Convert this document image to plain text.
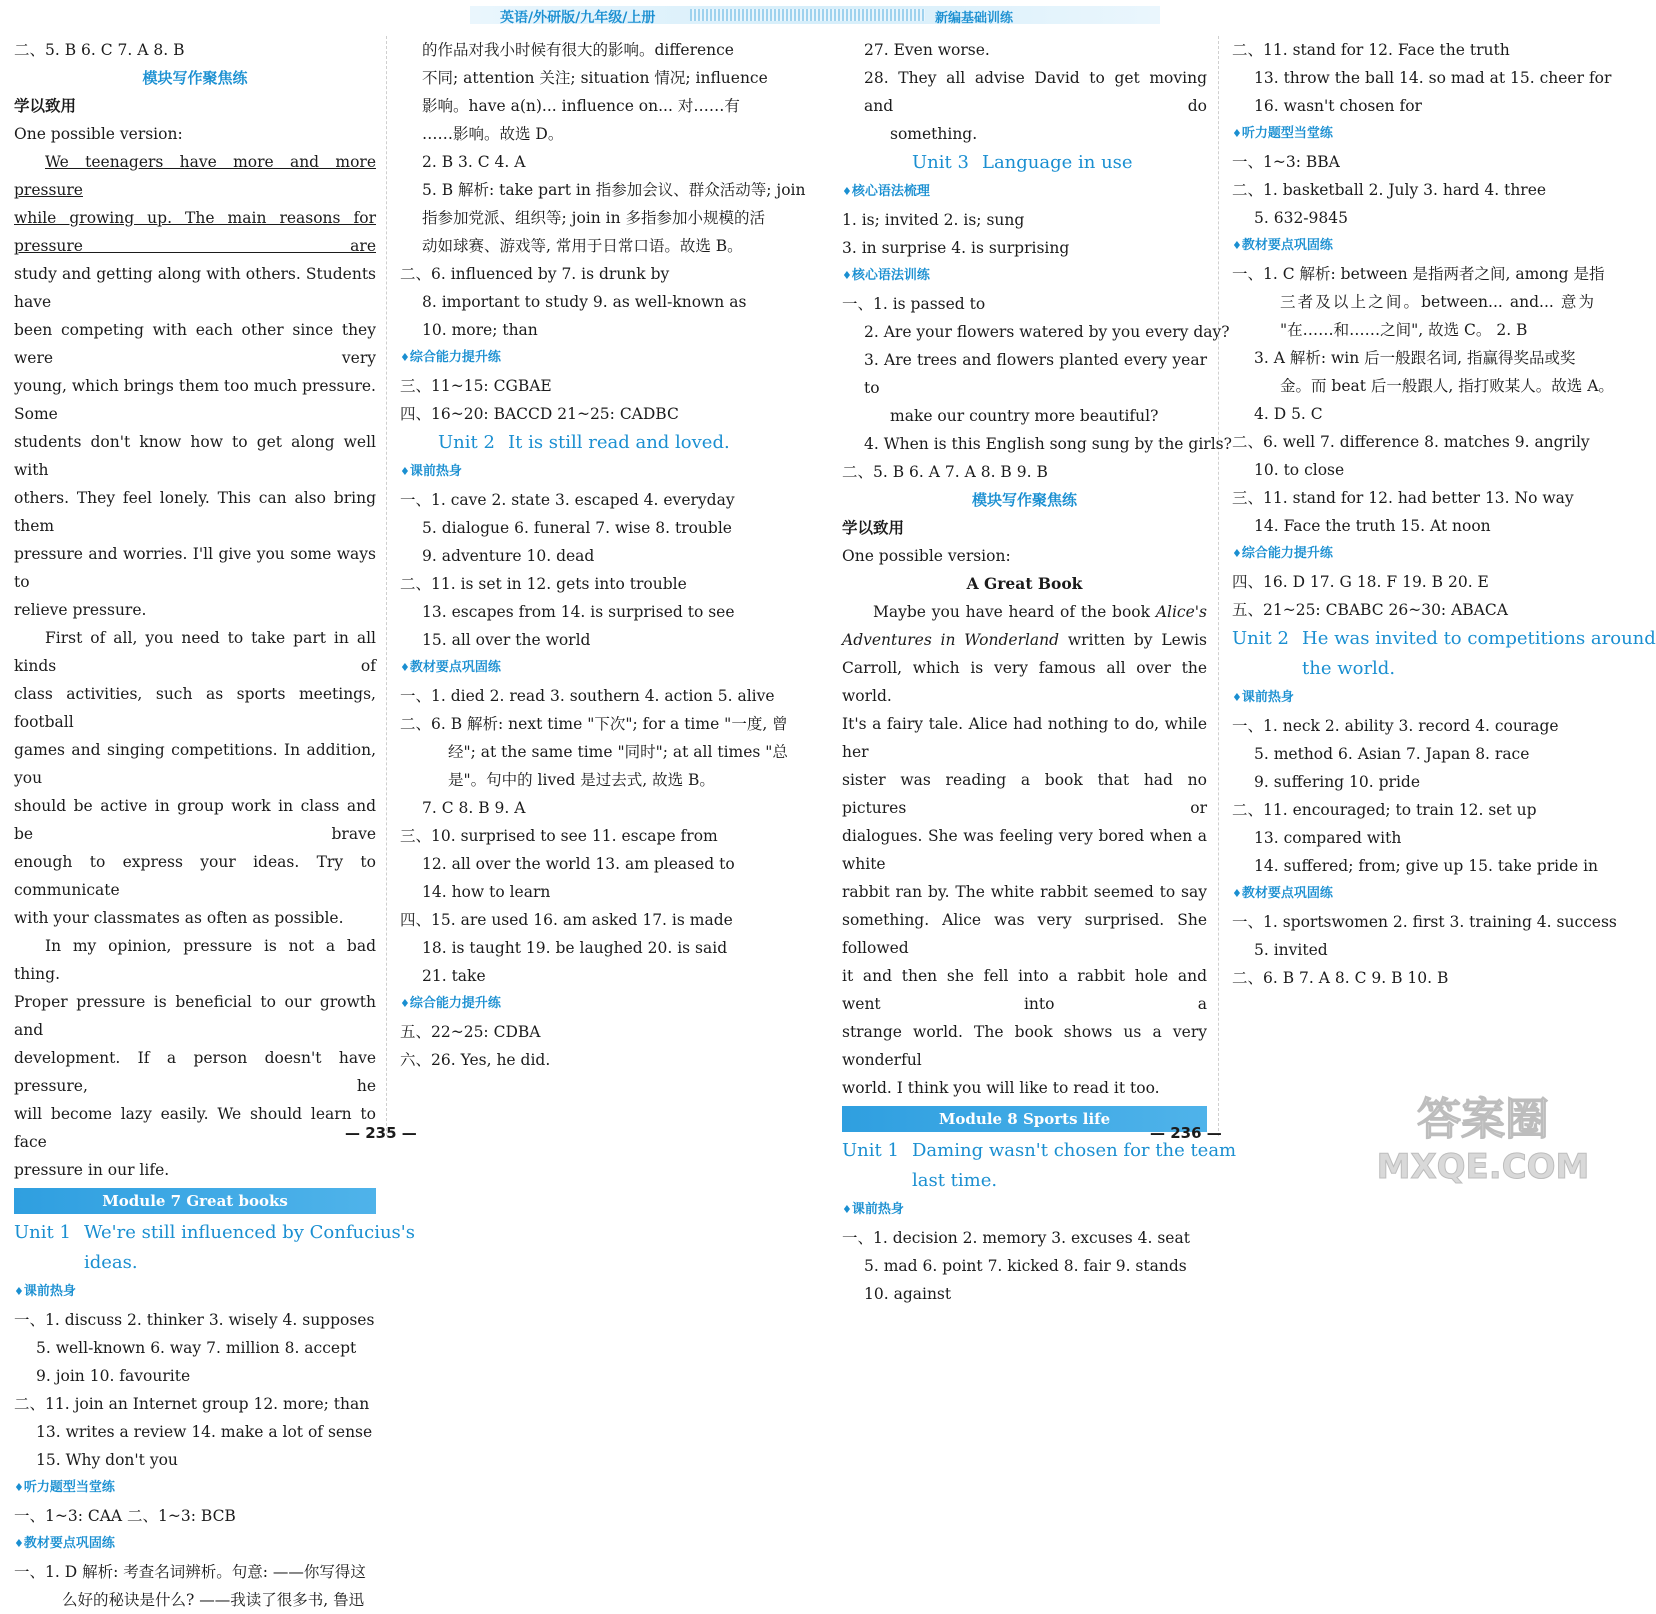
英语/外研版/九年级/上册	新编基础训练
二、5. B 6. C 7. A 8. B
模块写作聚焦练
学以致用
One possible version:
We teenagers have more and more pressure
while growing up. The main reasons for pressure are
study and getting along with others. Students have
been competing with each other since they were very
young, which brings them too much pressure. Some
students don't know how to get along well with
others. They feel lonely. This can also bring them
pressure and worries. I'll give you some ways to
relieve pressure.
First of all, you need to take part in all kinds of
class activities, such as sports meetings, football
games and singing competitions. In addition, you
should be active in group work in class and be brave
enough to express your ideas. Try to communicate
with your classmates as often as possible.
In my opinion, pressure is not a bad thing.
Proper pressure is beneficial to our growth and
development. If a person doesn't have pressure, he
will become lazy easily. We should learn to face
pressure in our life.
Module 7 Great books
Unit 1 We're still influenced by Confucius's
ideas.
♦ 课前热身
一、1. discuss 2. thinker 3. wisely 4. supposes
5. well-known 6. way 7. million 8. accept
9. join 10. favourite
二、11. join an Internet group 12. more; than
13. writes a review 14. make a lot of sense
15. Why don't you
♦ 听力题型当堂练
一、1~3: CAA 二、1~3: BCB
♦ 教材要点巩固练
一、1. D 解析: 考查名词辨析。句意: ——你写得这
么好的秘诀是什么? ——我读了很多书, 鲁迅
的作品对我小时候有很大的影响。difference
不同; attention 关注; situation 情况; influence
影响。have a(n)... influence on... 对……有
……影响。故选 D。
2. B 3. C 4. A
5. B 解析: take part in 指参加会议、群众活动等; join
指参加党派、组织等; join in 多指参加小规模的活
动如球赛、游戏等, 常用于日常口语。故选 B。
二、6. influenced by 7. is drunk by
8. important to study 9. as well-known as
10. more; than
♦ 综合能力提升练
三、11~15: CGBAE
四、16~20: BACCD 21~25: CADBC
Unit 2 It is still read and loved.
♦ 课前热身
一、1. cave 2. state 3. escaped 4. everyday
5. dialogue 6. funeral 7. wise 8. trouble
9. adventure 10. dead
二、11. is set in 12. gets into trouble
13. escapes from 14. is surprised to see
15. all over the world
♦ 教材要点巩固练
一、1. died 2. read 3. southern 4. action 5. alive
二、6. B 解析: next time "下次"; for a time "一度, 曾
经"; at the same time "同时"; at all times "总
是"。句中的 lived 是过去式, 故选 B。
7. C 8. B 9. A
三、10. surprised to see 11. escape from
12. all over the world 13. am pleased to
14. how to learn
四、15. are used 16. am asked 17. is made
18. is taught 19. be laughed 20. is said
21. take
♦ 综合能力提升练
五、22~25: CDBA
六、26. Yes, he did.
27. Even worse.
28. They all advise David to get moving and do
something.
Unit 3 Language in use
♦ 核心语法梳理
1. is; invited 2. is; sung
3. in surprise 4. is surprising
♦ 核心语法训练
一、1. is passed to
2. Are your flowers watered by you every day?
3. Are trees and flowers planted every year to
make our country more beautiful?
4. When is this English song sung by the girls?
二、5. B 6. A 7. A 8. B 9. B
模块写作聚焦练
学以致用
One possible version:
A Great Book
Maybe you have heard of the book Alice's
Adventures in Wonderland written by Lewis
Carroll, which is very famous all over the world.
It's a fairy tale. Alice had nothing to do, while her
sister was reading a book that had no pictures or
dialogues. She was feeling very bored when a white
rabbit ran by. The white rabbit seemed to say
something. Alice was very surprised. She followed
it and then she fell into a rabbit hole and went into a
strange world. The book shows us a very wonderful
world. I think you will like to read it too.
Module 8 Sports life
Unit 1 Daming wasn't chosen for the team
last time.
♦ 课前热身
一、1. decision 2. memory 3. excuses 4. seat
5. mad 6. point 7. kicked 8. fair 9. stands
10. against
二、11. stand for 12. Face the truth
13. throw the ball 14. so mad at 15. cheer for
16. wasn't chosen for
♦ 听力题型当堂练
一、1~3: BBA
二、1. basketball 2. July 3. hard 4. three
5. 632-9845
♦ 教材要点巩固练
一、1. C 解析: between 是指两者之间, among 是指
三者及以上之间。between... and... 意为
"在……和……之间", 故选 C。 2. B
3. A 解析: win 后一般跟名词, 指赢得奖品或奖
金。而 beat 后一般跟人, 指打败某人。故选 A。
4. D 5. C
二、6. well 7. difference 8. matches 9. angrily
10. to close
三、11. stand for 12. had better 13. No way
14. Face the truth 15. At noon
♦ 综合能力提升练
四、16. D 17. G 18. F 19. B 20. E
五、21~25: CBABC 26~30: ABACA
Unit 2 He was invited to competitions around
the world.
♦ 课前热身
一、1. neck 2. ability 3. record 4. courage
5. method 6. Asian 7. Japan 8. race
9. suffering 10. pride
二、11. encouraged; to train 12. set up
13. compared with
14. suffered; from; give up 15. take pride in
♦ 教材要点巩固练
一、1. sportswomen 2. first 3. training 4. success
5. invited
二、6. B 7. A 8. C 9. B 10. B
— 235 —	— 236 —	答案圈
MXQE.COM
